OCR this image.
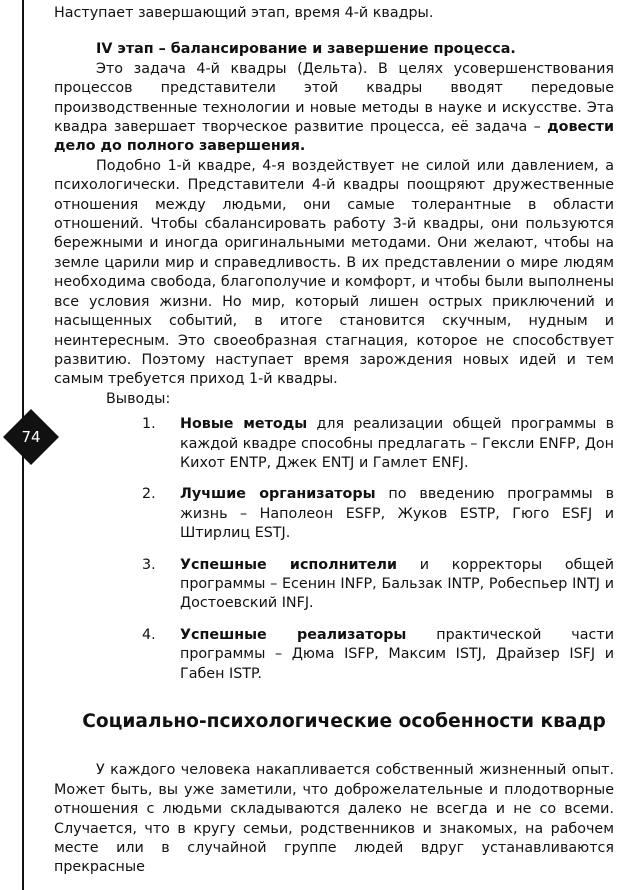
74

Наступает завершающий этап, время 4-й квадры.

IV этап – балансирование и завершение процесса.

Это задача 4-й квадры (Дельта). В целях усовершенствования процессов представители этой квадры вводят передовые производственные технологии и новые методы в науке и искусстве. Эта квадра завершает творческое развитие процесса, её задача – довести дело до полного завершения.

Подобно 1-й квадре, 4-я воздействует не силой или давлением, а психологически. Представители 4-й квадры поощряют дружественные отношения между людьми, они самые толерантные в области отношений. Чтобы сбалансировать работу 3-й квадры, они пользуются бережными и иногда оригинальными методами. Они желают, чтобы на земле царили мир и справедливость. В их представлении о мире людям необходима свобода, благополучие и комфорт, и чтобы были выполнены все условия жизни. Но мир, который лишен острых приключений и насыщенных событий, в итоге становится скучным, нудным и неинтересным. Это своеобразная стагнация, которое не способствует развитию. Поэтому наступает время зарождения новых идей и тем самым требуется приход 1-й квадры.

Выводы:

1. Новые методы для реализации общей программы в каждой квадре способны предлагать – Гексли ENFP, Дон Кихот ENTP, Джек ENTJ и Гамлет ENFJ.
2. Лучшие организаторы по введению программы в жизнь – Наполеон ESFP, Жуков ESTP, Гюго ESFJ и Штирлиц ESTJ.
3. Успешные исполнители и корректоры общей программы – Есенин INFP, Бальзак INTP, Робеспьер INTJ и Достоевский INFJ.
4. Успешные реализаторы практической части программы – Дюма ISFP, Максим ISTJ, Драйзер ISFJ и Габен ISTP.

Социально-психологические особенности квадр

У каждого человека накапливается собственный жизненный опыт. Может быть, вы уже заметили, что доброжелательные и плодотворные отношения с людьми складываются далеко не всегда и не со всеми. Случается, что в кругу семьи, родственников и знакомых, на рабочем месте или в случайной группе людей вдруг устанавливаются прекрасные
